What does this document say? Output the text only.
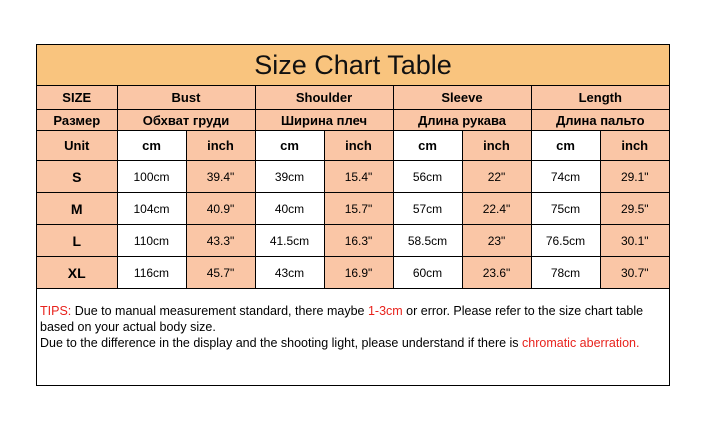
Size Chart Table								
SIZE	Bust		Shoulder		Sleeve		Length	
Размер	Обхват груди		Ширина плеч		Длина рукава		Длина пальто	
Unit	cm	inch	cm	inch	cm	inch	cm	inch
S	100cm	39.4"	39cm	15.4"	56cm	22"	74cm	29.1"
M	104cm	40.9"	40cm	15.7"	57cm	22.4"	75cm	29.5"
L	110cm	43.3"	41.5cm	16.3"	58.5cm	23"	76.5cm	30.1"
XL	116cm	45.7"	43cm	16.9"	60cm	23.6"	78cm	30.7"
TIPS: Due to manual measurement standard, there maybe 1-3cm or error. Please refer to the size chart table based on your actual body size.
Due to the difference in the display and the shooting light, please understand if there is chromatic aberration.
